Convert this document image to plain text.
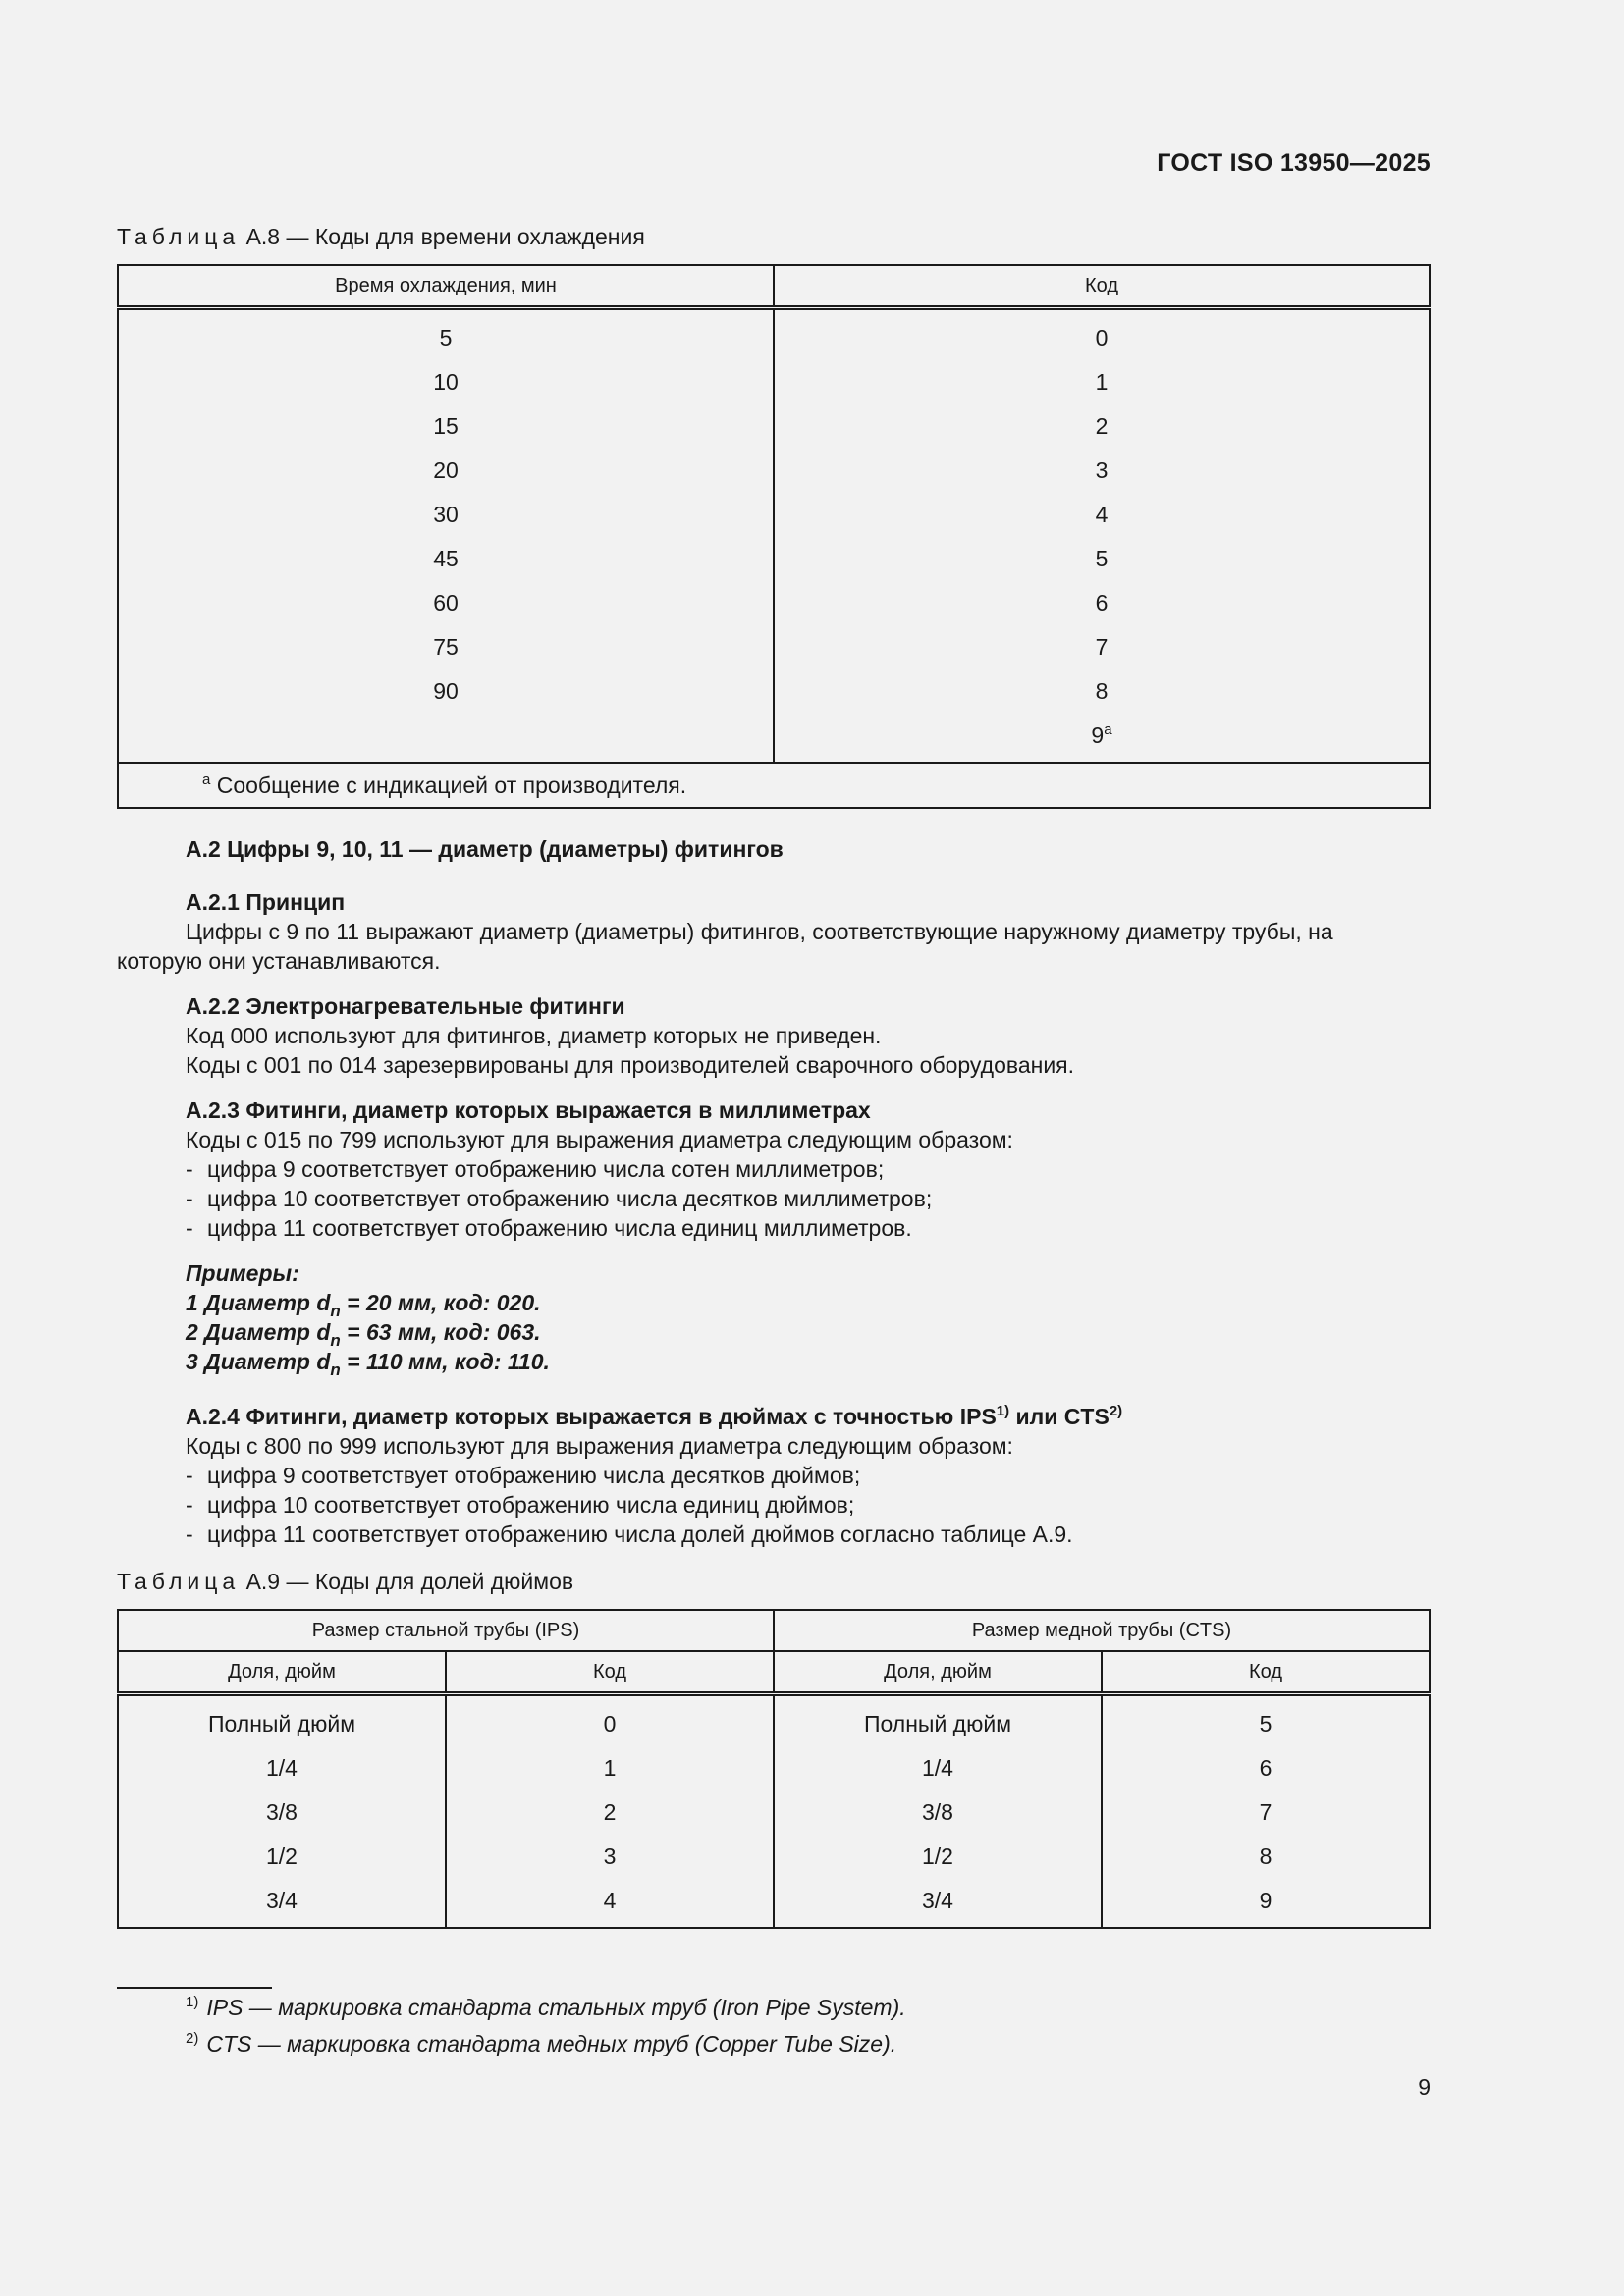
ГОСТ ISO 13950—2025
Таблица А.8 — Коды для времени охлаждения
Время охлаждения, мин	Код
5	0
10	1
15	2
20	3
30	4
45	5
60	6
75	7
90	8
	9$^a$
$^a$ Сообщение с индикацией от производителя.	

А.2 Цифры 9, 10, 11 — диаметр (диаметры) фитингов

А.2.1 Принцип

Цифры с 9 по 11 выражают диаметр (диаметры) фитингов, соответствующие наружному диаметру трубы, на

которую они устанавливаются.

А.2.2 Электронагревательные фитинги

Код 000 используют для фитингов, диаметр которых не приведен.

Коды с 001 по 014 зарезервированы для производителей сварочного оборудования.

А.2.3 Фитинги, диаметр которых выражается в миллиметрах

Коды с 015 по 799 используют для выражения диаметра следующим образом:

- цифра 9 соответствует отображению числа сотен миллиметров;

- цифра 10 соответствует отображению числа десятков миллиметров;

- цифра 11 соответствует отображению числа единиц миллиметров.

Примеры:

1 Диаметр $d_n = 20$ мм, код: 020.

2 Диаметр $d_n = 63$ мм, код: 063.

3 Диаметр $d_n = 110$ мм, код: 110.

А.2.4 Фитинги, диаметр которых выражается в дюймах с точностью IPS$^{1)}$ или CTS$^{2)}$

Коды с 800 по 999 используют для выражения диаметра следующим образом:

- цифра 9 соответствует отображению числа десятков дюймов;

- цифра 10 соответствует отображению числа единиц дюймов;

- цифра 11 соответствует отображению числа долей дюймов согласно таблице А.9.

Таблица А.9 — Коды для долей дюймов
Размер стальной трубы (IPS)		Размер медной трубы (CTS)	
Доля, дюйм	Код	Доля, дюйм	Код
Полный дюйм	0	Полный дюйм	5
1/4	1	1/4	6
3/8	2	3/8	7
1/2	3	1/2	8
3/4	4	3/4	9
$^{1)}$ IPS — маркировка стандарта стальных труб (Iron Pipe System).
$^{2)}$ CTS — маркировка стандарта медных труб (Copper Tube Size).
9
